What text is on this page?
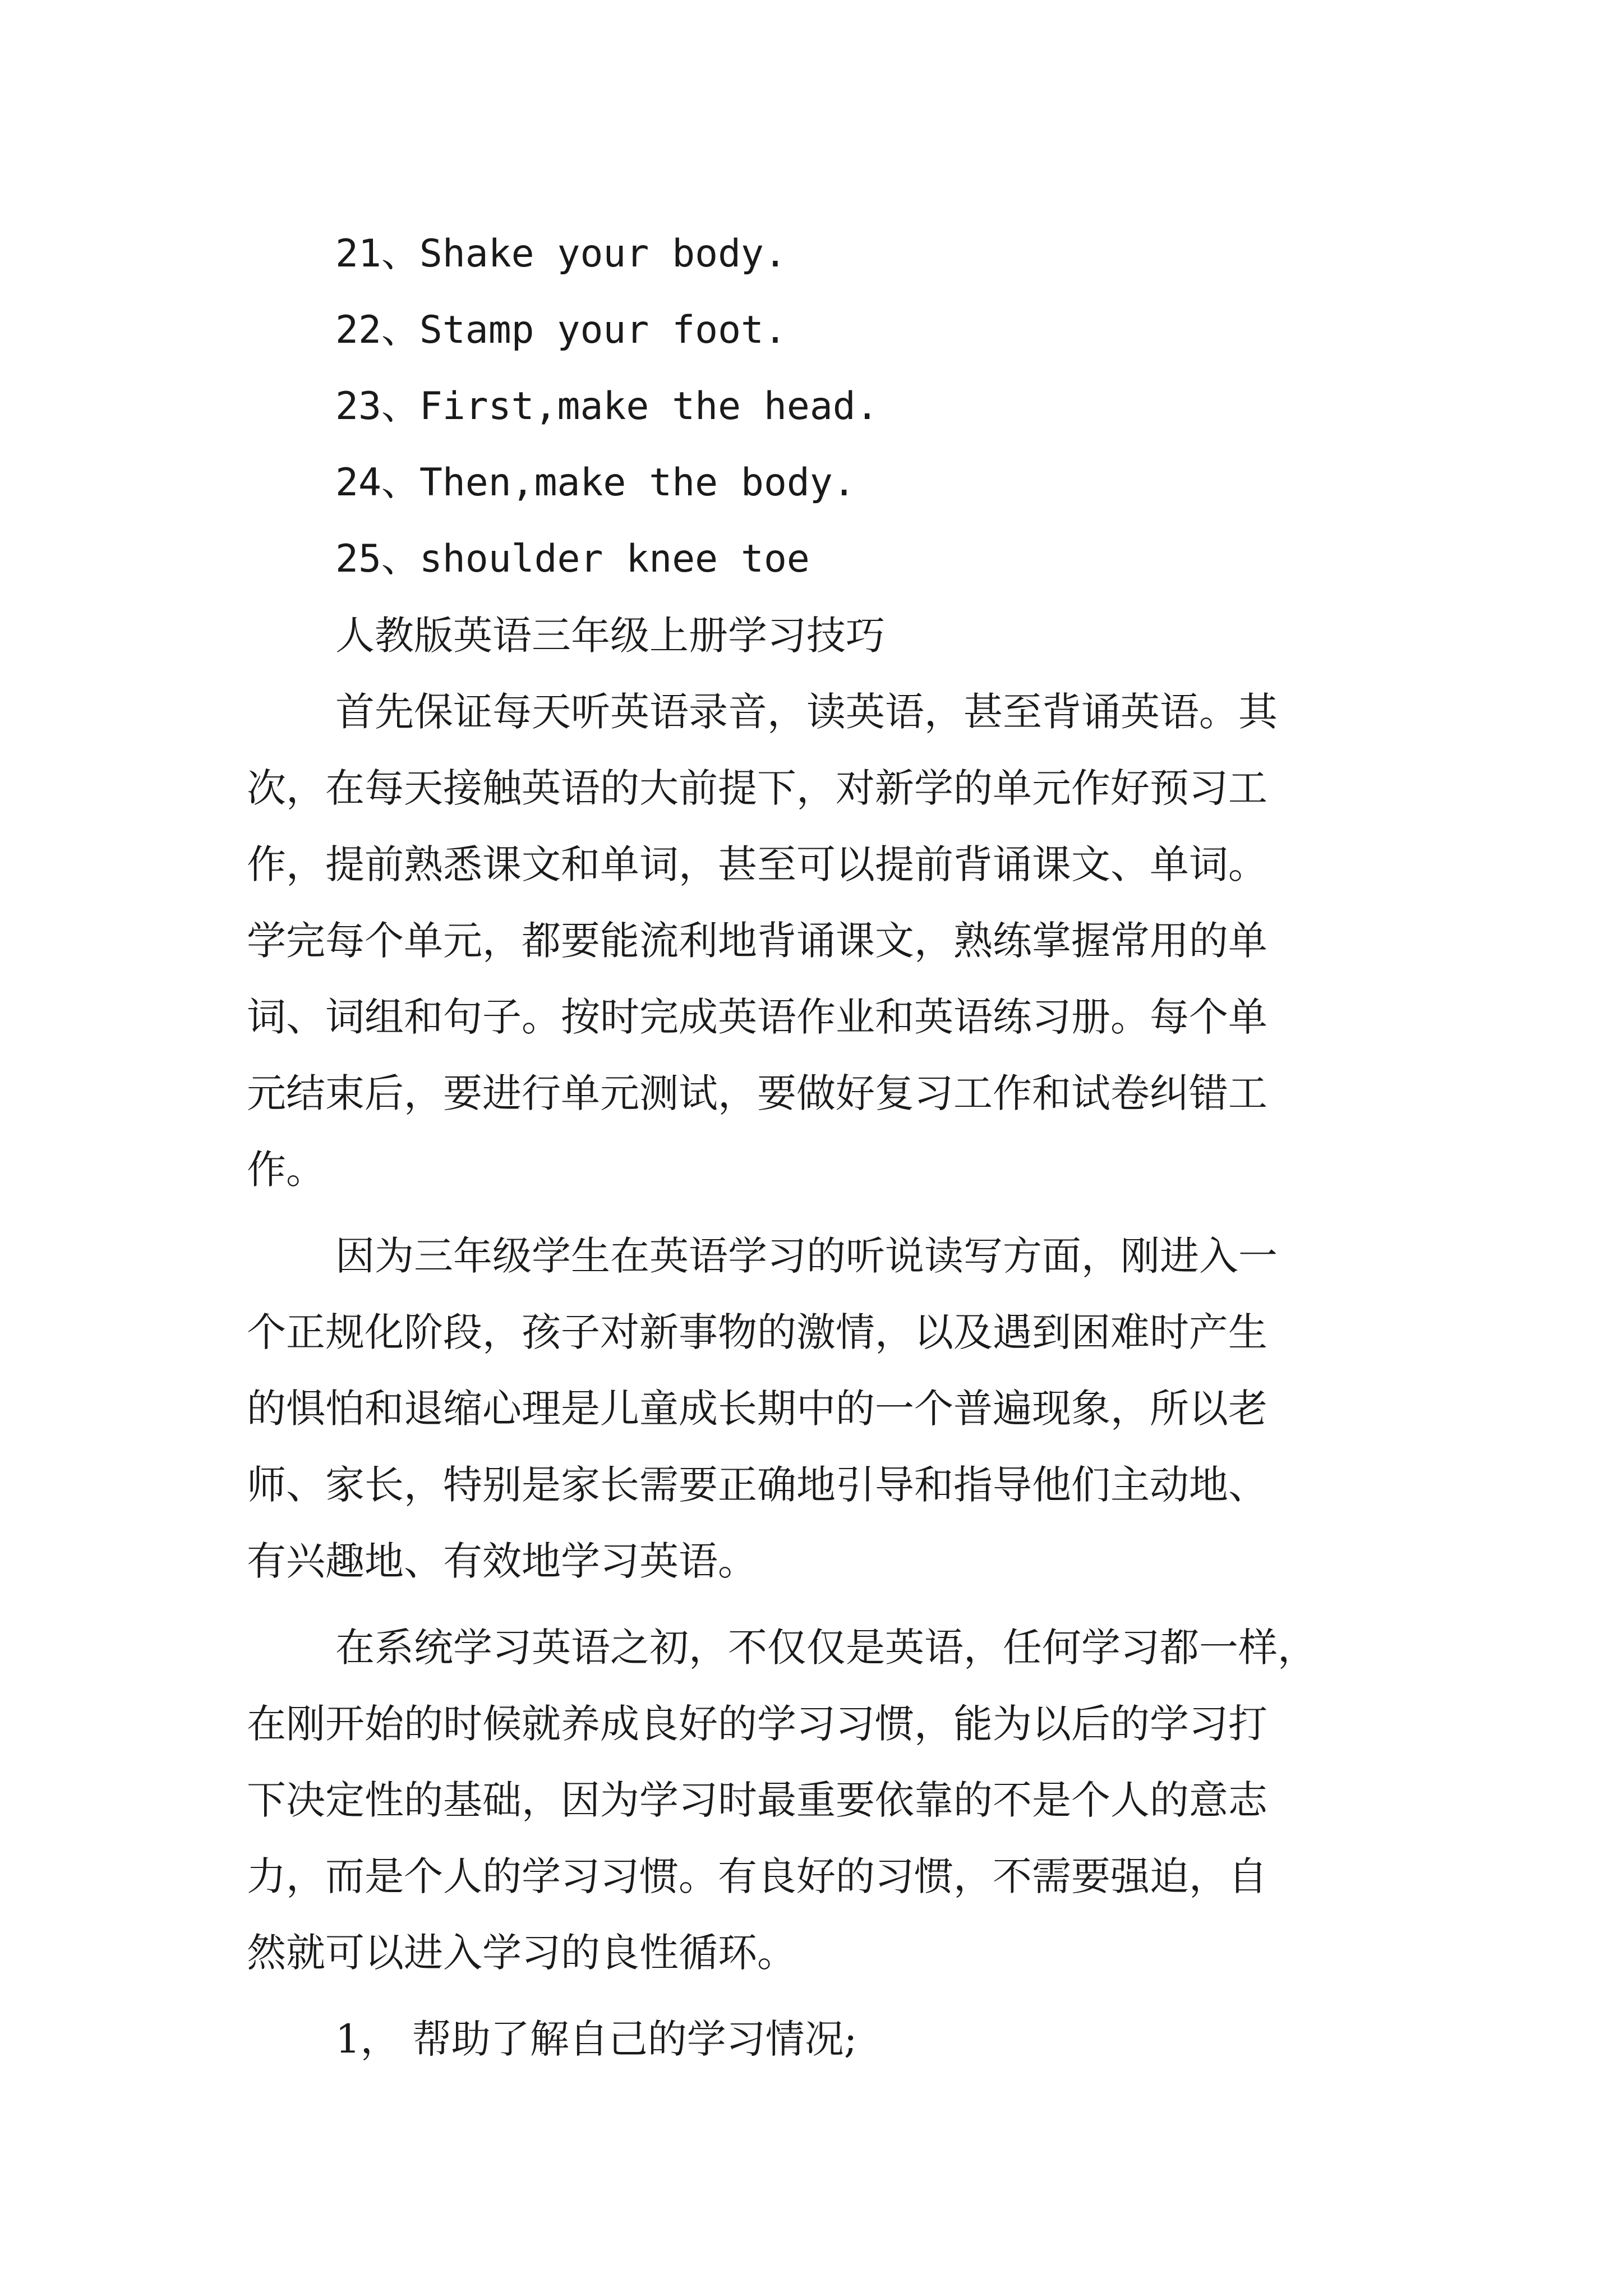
21、Shake your body.
22、Stamp your foot.
23、First,make the head.
24、Then,make the body.
25、shoulder knee toe
人教版英语三年级上册学习技巧
首先保证每天听英语录音，读英语，甚至背诵英语。其
次，在每天接触英语的大前提下，对新学的单元作好预习工
作，提前熟悉课文和单词，甚至可以提前背诵课文、单词。
学完每个单元，都要能流利地背诵课文，熟练掌握常用的单
词、词组和句子。按时完成英语作业和英语练习册。每个单
元结束后，要进行单元测试，要做好复习工作和试卷纠错工
作。
因为三年级学生在英语学习的听说读写方面，刚进入一
个正规化阶段，孩子对新事物的激情，以及遇到困难时产生
的惧怕和退缩心理是儿童成长期中的一个普遍现象，所以老
师、家长，特别是家长需要正确地引导和指导他们主动地、
有兴趣地、有效地学习英语。
在系统学习英语之初，不仅仅是英语，任何学习都一样，
在刚开始的时候就养成良好的学习习惯，能为以后的学习打
下决定性的基础，因为学习时最重要依靠的不是个人的意志
力，而是个人的学习习惯。有良好的习惯，不需要强迫，自
然就可以进入学习的良性循环。
1， 帮助了解自己的学习情况;
